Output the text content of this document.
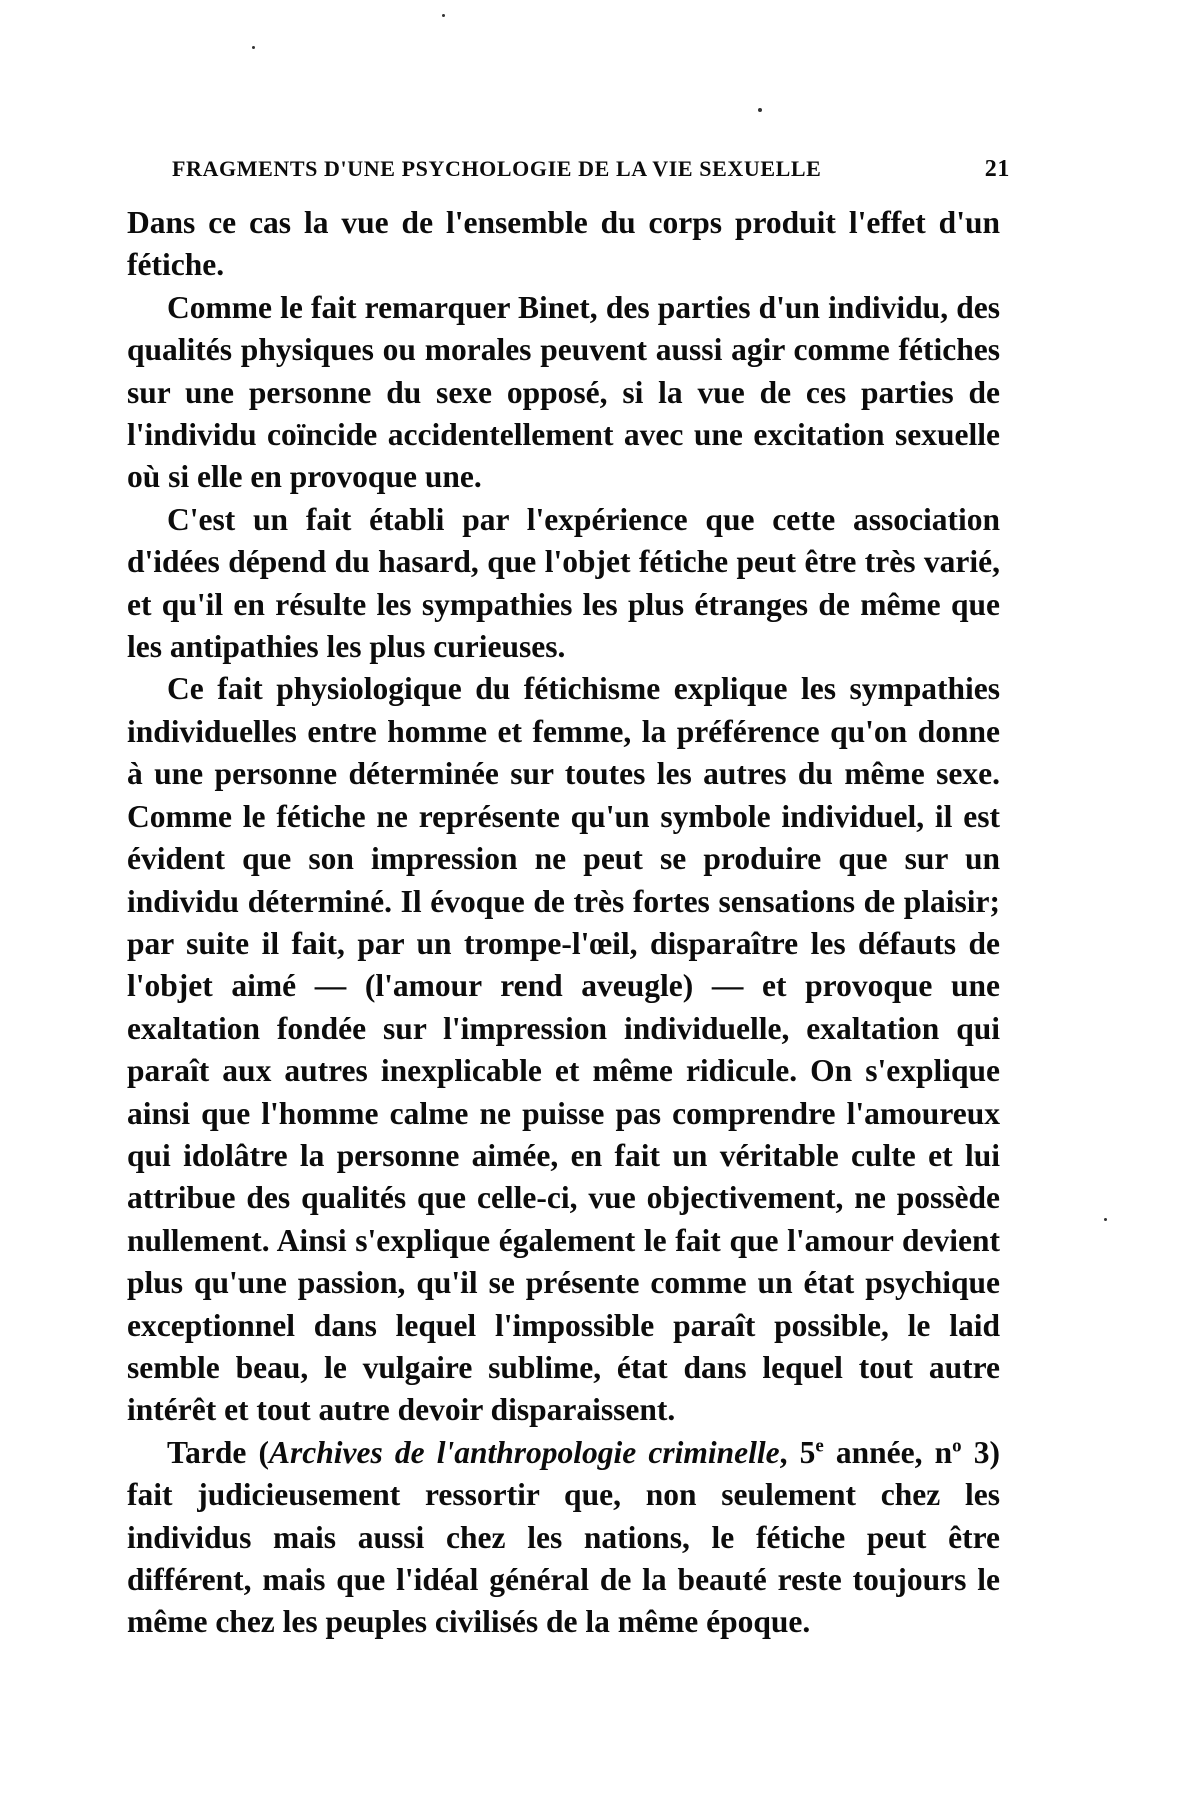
FRAGMENTS D'UNE PSYCHOLOGIE DE LA VIE SEXUELLE	21

Dans ce cas la vue de l'ensemble du corps produit l'effet d'un fétiche.

Comme le fait remarquer Binet, des parties d'un individu, des qualités physiques ou morales peuvent aussi agir comme fétiches sur une personne du sexe opposé, si la vue de ces parties de l'individu coïncide accidentellement avec une excitation sexuelle où si elle en provoque une.

C'est un fait établi par l'expérience que cette association d'idées dépend du hasard, que l'objet fétiche peut être très varié, et qu'il en résulte les sympathies les plus étranges de même que les antipathies les plus curieuses.

Ce fait physiologique du fétichisme explique les sympathies individuelles entre homme et femme, la préférence qu'on donne à une personne déterminée sur toutes les autres du même sexe. Comme le fétiche ne représente qu'un symbole individuel, il est évident que son impression ne peut se produire que sur un individu déterminé. Il évoque de très fortes sensations de plaisir; par suite il fait, par un trompe-l'œil, disparaître les défauts de l'objet aimé — (l'amour rend aveugle) — et provoque une exaltation fondée sur l'impression individuelle, exaltation qui paraît aux autres inexplicable et même ridicule. On s'explique ainsi que l'homme calme ne puisse pas comprendre l'amoureux qui idolâtre la personne aimée, en fait un véritable culte et lui attribue des qualités que celle-ci, vue objectivement, ne possède nullement. Ainsi s'explique également le fait que l'amour devient plus qu'une passion, qu'il se présente comme un état psychique exceptionnel dans lequel l'impossible paraît possible, le laid semble beau, le vulgaire sublime, état dans lequel tout autre intérêt et tout autre devoir disparaissent.

Tarde (Archives de l'anthropologie criminelle, 5e année, $n^o$ 3) fait judicieusement ressortir que, non seulement chez les individus mais aussi chez les nations, le fétiche peut être différent, mais que l'idéal général de la beauté reste toujours le même chez les peuples civilisés de la même époque.
